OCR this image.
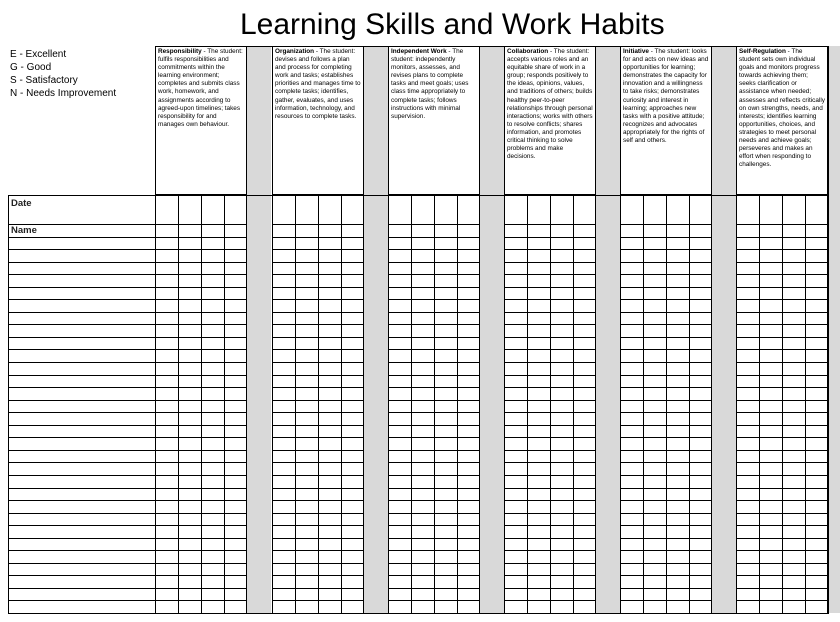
Learning Skills and Work Habits
E - Excellent
G - Good
S - Satisfactory
N - Needs Improvement
Responsibility - The student: fulfils responsibilities and commitments within the learning environment; completes and submits class work, homework, and assignments according to agreed-upon timelines; takes responsibility for and manages own behaviour.
Organization - The student: devises and follows a plan and process for completing work and tasks; establishes priorities and manages time to complete tasks; identifies, gather, evaluates, and uses information, technology, and resources to complete tasks.
Independent Work - The student: independently monitors, assesses, and revises plans to complete tasks and meet goals; uses class time appropriately to complete tasks; follows instructions with minimal supervision.
Collaboration - The student: accepts various roles and an equitable share of work in a group; responds positively to the ideas, opinions, values, and traditions of others; builds healthy peer-to-peer relationships through personal interactions; works with others to resolve conflicts; shares information, and promotes critical thinking to solve problems and make decisions.
Initiative - The student: looks for and acts on new ideas and opportunities for learning; demonstrates the capacity for innovation and a willingness to take risks; demonstrates curiosity and interest in learning; approaches new tasks with a positive attitude; recognizes and advocates appropriately for the rights of self and others.
Self-Regulation - The student sets own individual goals and monitors progress towards achieving them; seeks clarification or assistance when needed; assesses and reflects critically on own strengths, needs, and interests; identifies learning opportunities, choices, and strategies to meet personal needs and achieve goals; perseveres and makes an effort when responding to challenges.
Date
Name
